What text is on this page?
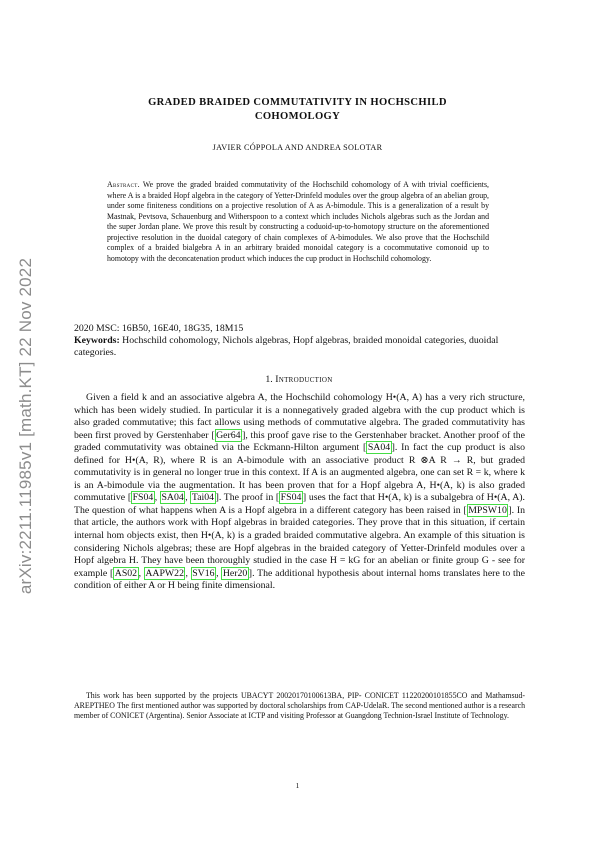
arXiv:2211.11985v1 [math.KT] 22 Nov 2022
GRADED BRAIDED COMMUTATIVITY IN HOCHSCHILD
COHOMOLOGY
JAVIER CÓPPOLA AND ANDREA SOLOTAR
Abstract. We prove the graded braided commutativity of the Hochschild cohomology of A with trivial coefficients, where A is a braided Hopf algebra in the category of Yetter-Drinfeld modules over the group algebra of an abelian group, under some finiteness conditions on a projective resolution of A as A-bimodule. This is a generalization of a result by Mastnak, Pevtsova, Schauenburg and Witherspoon to a context which includes Nichols algebras such as the Jordan and the super Jordan plane. We prove this result by constructing a coduoid-up-to-homotopy structure on the aforementioned projective resolution in the duoidal category of chain complexes of A-bimodules. We also prove that the Hochschild complex of a braided bialgebra A in an arbitrary braided monoidal category is a cocommutative comonoid up to homotopy with the deconcatenation product which induces the cup product in Hochschild cohomology.
2020 MSC: 16B50, 16E40, 18G35, 18M15
Keywords: Hochschild cohomology, Nichols algebras, Hopf algebras, braided monoidal categories, duoidal categories.
1. Introduction
Given a field k and an associative algebra A, the Hochschild cohomology H•(A, A) has a very rich structure, which has been widely studied. In particular it is a nonnegatively graded algebra with the cup product which is also graded commutative; this fact allows using methods of commutative algebra. The graded commutativity has been first proved by Gerstenhaber [ Ger64 ], this proof gave rise to the Gerstenhaber bracket. Another proof of the graded commutativity was obtained via the Eckmann-Hilton argument [ SA04 ]. In fact the cup product is also defined for H•(A, R), where R is an A-bimodule with an associative product R ⊗A R → R, but graded commutativity is in general no longer true in this context. If A is an augmented algebra, one can set R = k, where k is an A-bimodule via the augmentation. It has been proven that for a Hopf algebra A, H•(A, k) is also graded commutative [ FS04 , SA04 , Tai04 ]. The proof in [ FS04 ] uses the fact that H•(A, k) is a subalgebra of H•(A, A). The question of what happens when A is a Hopf algebra in a different category has been raised in [ MPSW10 ]. In that article, the authors work with Hopf algebras in braided categories. They prove that in this situation, if certain internal hom objects exist, then H•(A, k) is a graded braided commutative algebra. An example of this situation is considering Nichols algebras; these are Hopf algebras in the braided category of Yetter-Drinfeld modules over a Hopf algebra H. They have been thoroughly studied in the case H = kG for an abelian or finite group G - see for example [ AS02 , AAPW22 , SV16 , Her20 ]. The additional hypothesis about internal homs translates here to the condition of either A or H being finite dimensional.
This work has been supported by the projects UBACYT 20020170100613BA, PIP- CONICET 11220200101855CO and Mathamsud-AREPTHEO The first mentioned author was supported by doctoral scholarships from CAP-UdelaR. The second mentioned author is a research member of CONICET (Argentina). Senior Associate at ICTP and visiting Professor at Guangdong Technion-Israel Institute of Technology.
1
